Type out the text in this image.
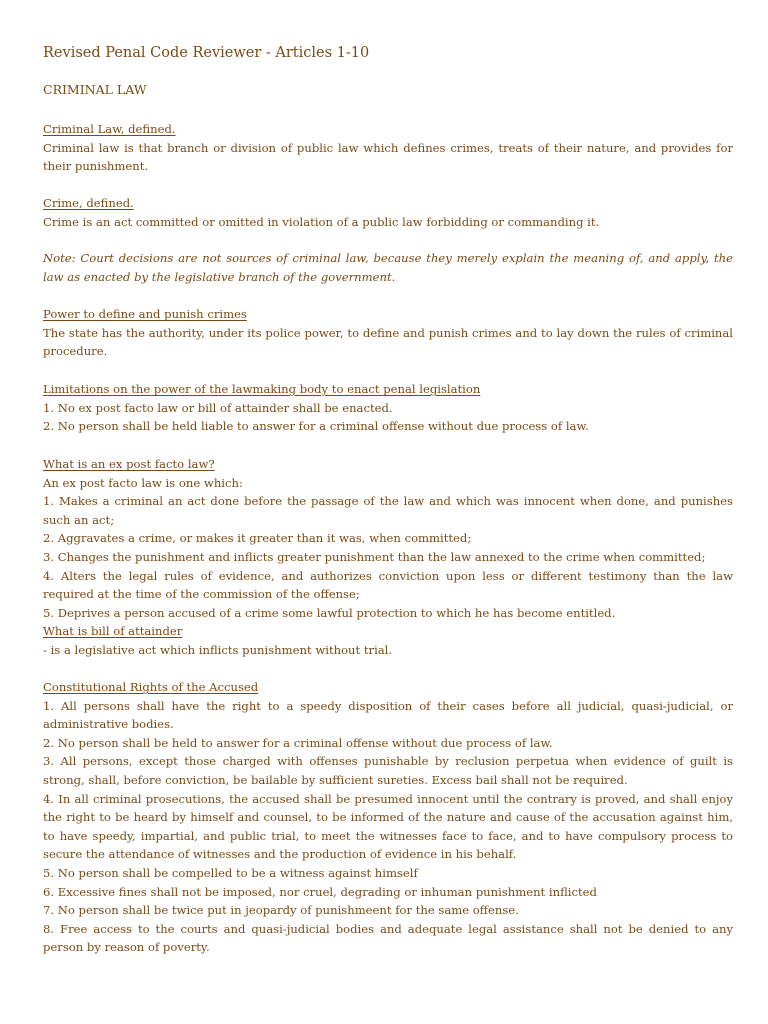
Revised Penal Code Reviewer - Articles 1-10
CRIMINAL LAW
Criminal Law, defined.
Criminal law is that branch or division of public law which defines crimes, treats of their nature, and provides for their punishment.
Crime, defined.
Crime is an act committed or omitted in violation of a public law forbidding or commanding it.
Note: Court decisions are not sources of criminal law, because they merely explain the meaning of, and apply, the law as enacted by the legislative branch of the government.
Power to define and punish crimes
The state has the authority, under its police power, to define and punish crimes and to lay down the rules of criminal procedure.
Limitations on the power of the lawmaking body to enact penal legislation
1. No ex post facto law or bill of attainder shall be enacted.
2. No person shall be held liable to answer for a criminal offense without due process of law.
What is an ex post facto law?
An ex post facto law is one which:
1. Makes a criminal an act done before the passage of the law and which was innocent when done, and punishes such an act;
2. Aggravates a crime, or makes it greater than it was, when committed;
3. Changes the punishment and inflicts greater punishment than the law annexed to the crime when committed;
4. Alters the legal rules of evidence, and authorizes conviction upon less or different testimony than the law required at the time of the commission of the offense;
5. Deprives a person accused of a crime some lawful protection to which he has become entitled.
What is bill of attainder
- is a legislative act which inflicts punishment without trial.
Constitutional Rights of the Accused
1. All persons shall have the right to a speedy disposition of their cases before all judicial, quasi-judicial, or administrative bodies.
2. No person shall be held to answer for a criminal offense without due process of law.
3. All persons, except those charged with offenses punishable by reclusion perpetua when evidence of guilt is strong, shall, before conviction, be bailable by sufficient sureties. Excess bail shall not be required.
4. In all criminal prosecutions, the accused shall be presumed innocent until the contrary is proved, and shall enjoy the right to be heard by himself and counsel, to be informed of the nature and cause of the accusation against him, to have speedy, impartial, and public trial, to meet the witnesses face to face, and to have compulsory process to secure the attendance of witnesses and the production of evidence in his behalf.
5. No person shall be compelled to be a witness against himself
6. Excessive fines shall not be imposed, nor cruel, degrading or inhuman punishment inflicted
7. No person shall be twice put in jeopardy of punishmeent for the same offense.
8. Free access to the courts and quasi-judicial bodies and adequate legal assistance shall not be denied to any person by reason of poverty.
